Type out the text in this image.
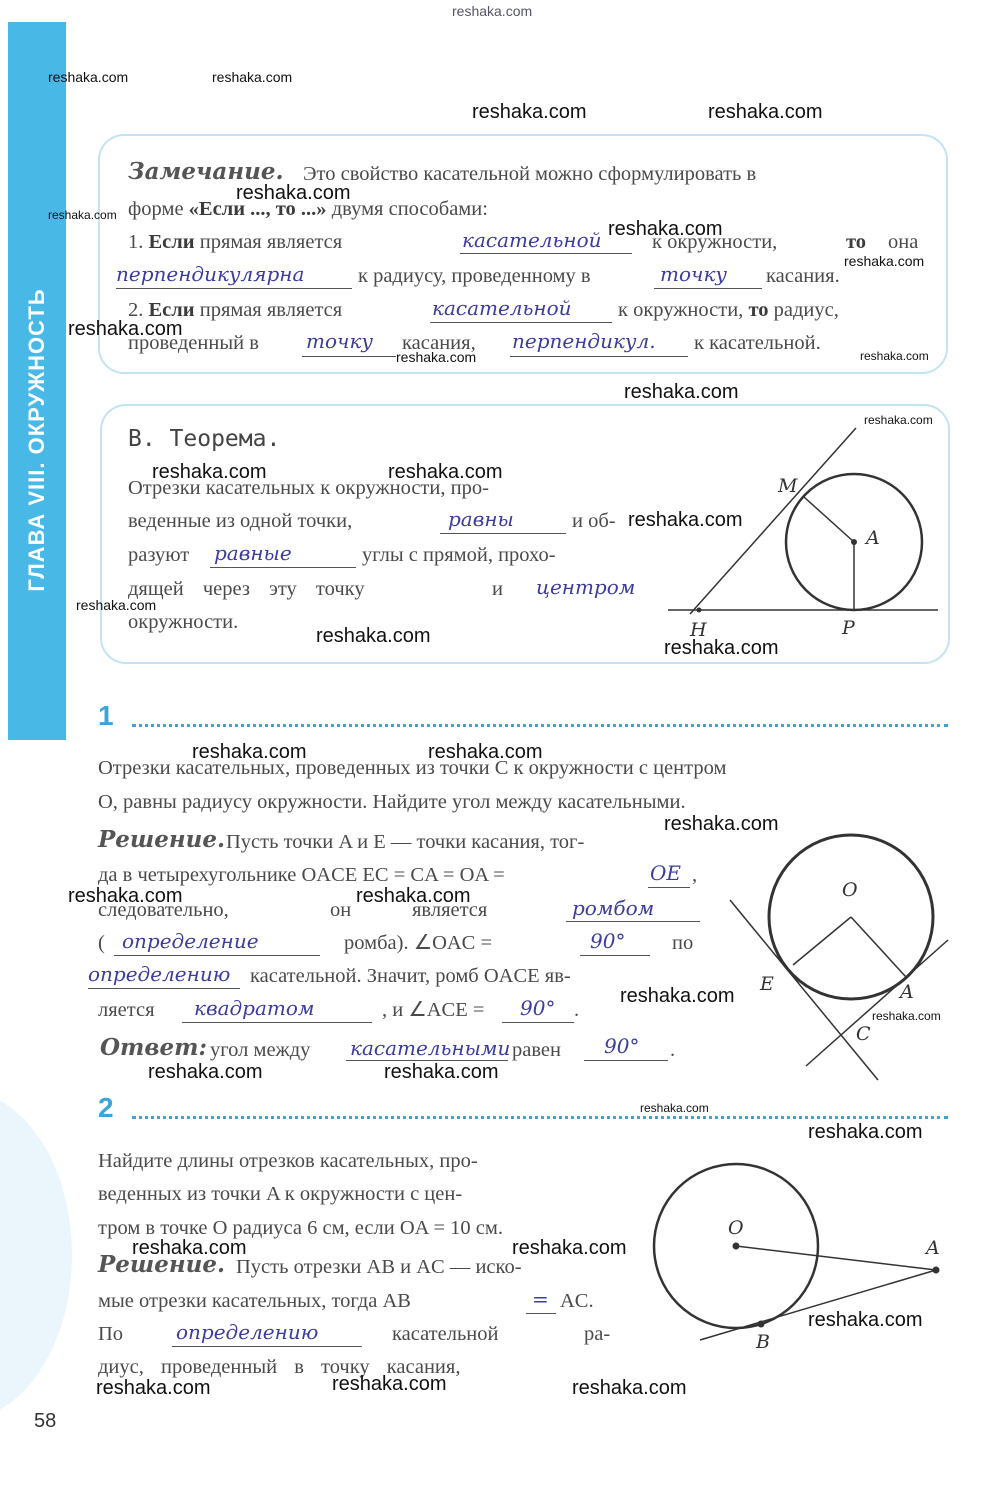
ГЛАВА VIII. ОКРУЖНОСТЬ
reshaka.com
Замечание. Это свойство касательной можно сформулировать в
форме «Если ..., то ...» двумя способами:
1. Если прямая является	к окружности,	то она
к радиусу, проведенному в	касания.
2. Если прямая является	к окружности, то радиус,
проведенный в	касания,	к касательной.
касательной
перпендикулярна	точку
касательной
точку	перпендикул.
В. Теорема.
Отрезки касательных к окружности, про-
веденные из одной точки,	и об-
разуют	углы с прямой, прохо-
дящей через эту точку	и
окружности.
равны
равные
центром
M
A
H	P
1
Отрезки касательных, проведенных из точки C к окружности с центром
O, равны радиусу окружности. Найдите угол между касательными.
Решение. Пусть точки A и E — точки касания, тог-
да в четырехугольнике OACE EC = CA = OA =	,
следовательно,	он	является
(	ромба). ∠OAC =	по
касательной. Значит, ромб OACE яв-
ляется	, и ∠ACE =	.
Ответ: угол между	равен	.
OE
ромбом
определение	90°
определению
квадратом	90°
касательными	90°
O
E	A
C
2
Найдите длины отрезков касательных, про-
веденных из точки A к окружности с цен-
тром в точке O радиуса 6 см, если OA = 10 см.
Решение. Пусть отрезки AB и AC — иско-
мые отрезки касательных, тогда AB	AC.
По	касательной	ра-
диус, проведенный в точку касания,
=
определению
O
A
B
58
reshaka.com	reshaka.com
reshaka.com	reshaka.com
reshaka.com
reshaka.com
reshaka.com
reshaka.com
reshaka.com
reshaka.com	reshaka.com
reshaka.com
reshaka.com
reshaka.com	reshaka.com
reshaka.com
reshaka.com
reshaka.com
reshaka.com
reshaka.com	reshaka.com
reshaka.com
reshaka.com	reshaka.com
reshaka.com
reshaka.com
reshaka.com	reshaka.com
reshaka.com
reshaka.com
reshaka.com	reshaka.com
reshaka.com
reshaka.com	reshaka.com	reshaka.com
